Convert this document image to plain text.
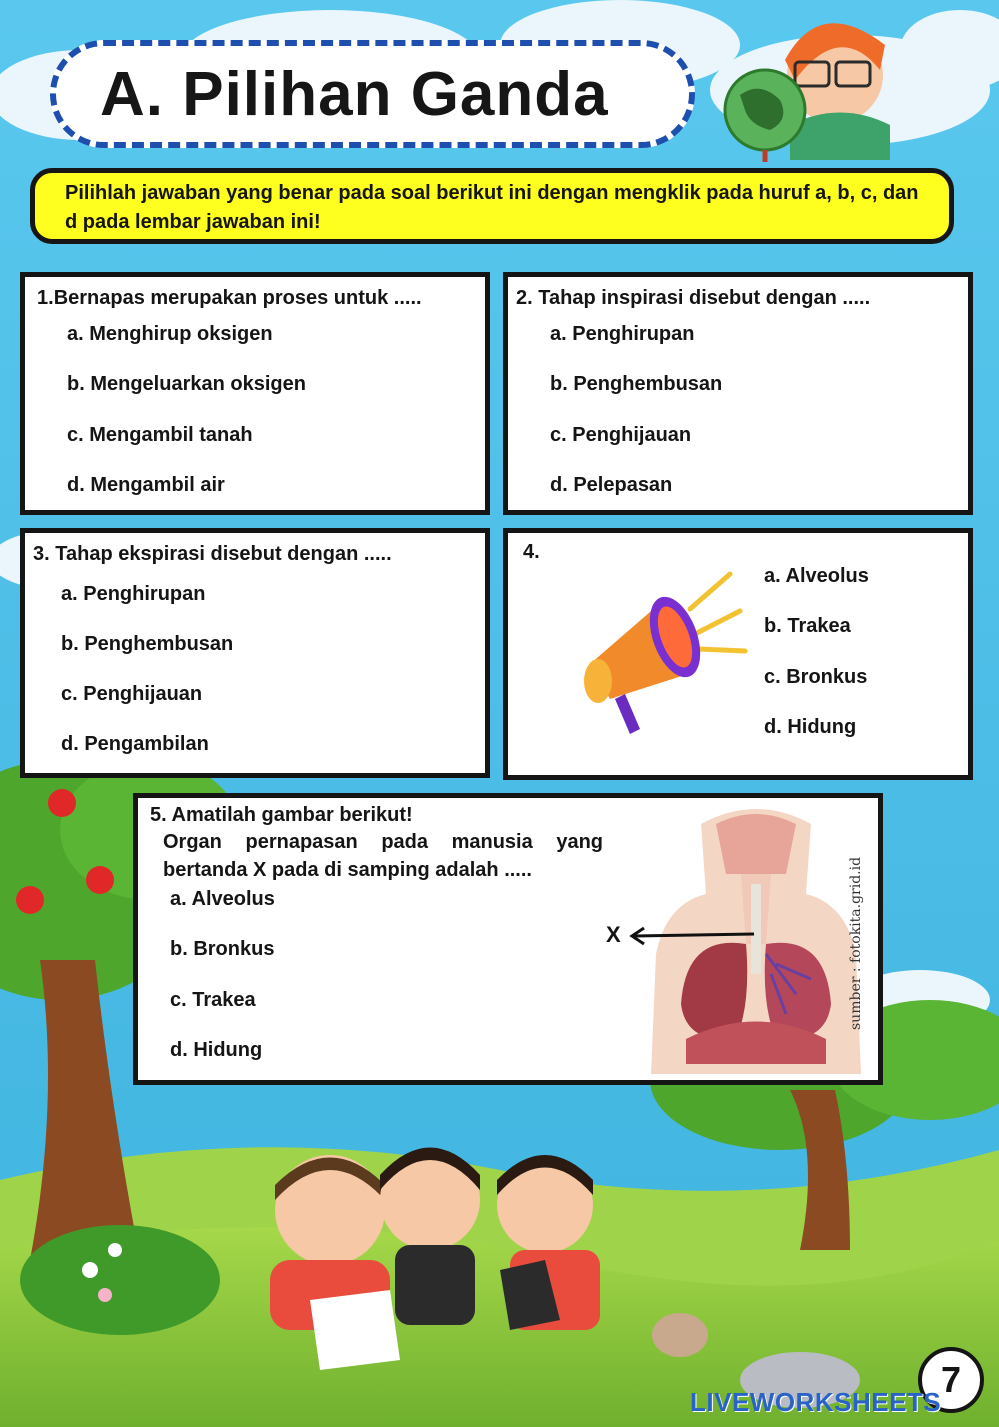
A. Pilihan Ganda
Pilihlah jawaban yang benar pada soal berikut ini dengan mengklik pada huruf a, b, c, dan d pada lembar jawaban ini!
1.Bernapas merupakan proses untuk .....
a. Menghirup oksigen
b. Mengeluarkan oksigen
c. Mengambil tanah
d. Mengambil air
2. Tahap inspirasi disebut dengan .....
a. Penghirupan
b. Penghembusan
c. Penghijauan
d. Pelepasan
3. Tahap ekspirasi disebut dengan .....
a. Penghirupan
b. Penghembusan
c. Penghijauan
d. Pengambilan
4.
a. Alveolus
b. Trakea
c. Bronkus
d. Hidung
5. Amatilah gambar berikut!
Organ pernapasan pada manusia yang bertanda X pada di samping adalah .....
a. Alveolus
b. Bronkus
c. Trakea
d. Hidung
X	sumber : fotokita.grid.id
7
LIVEWORKSHEETS
